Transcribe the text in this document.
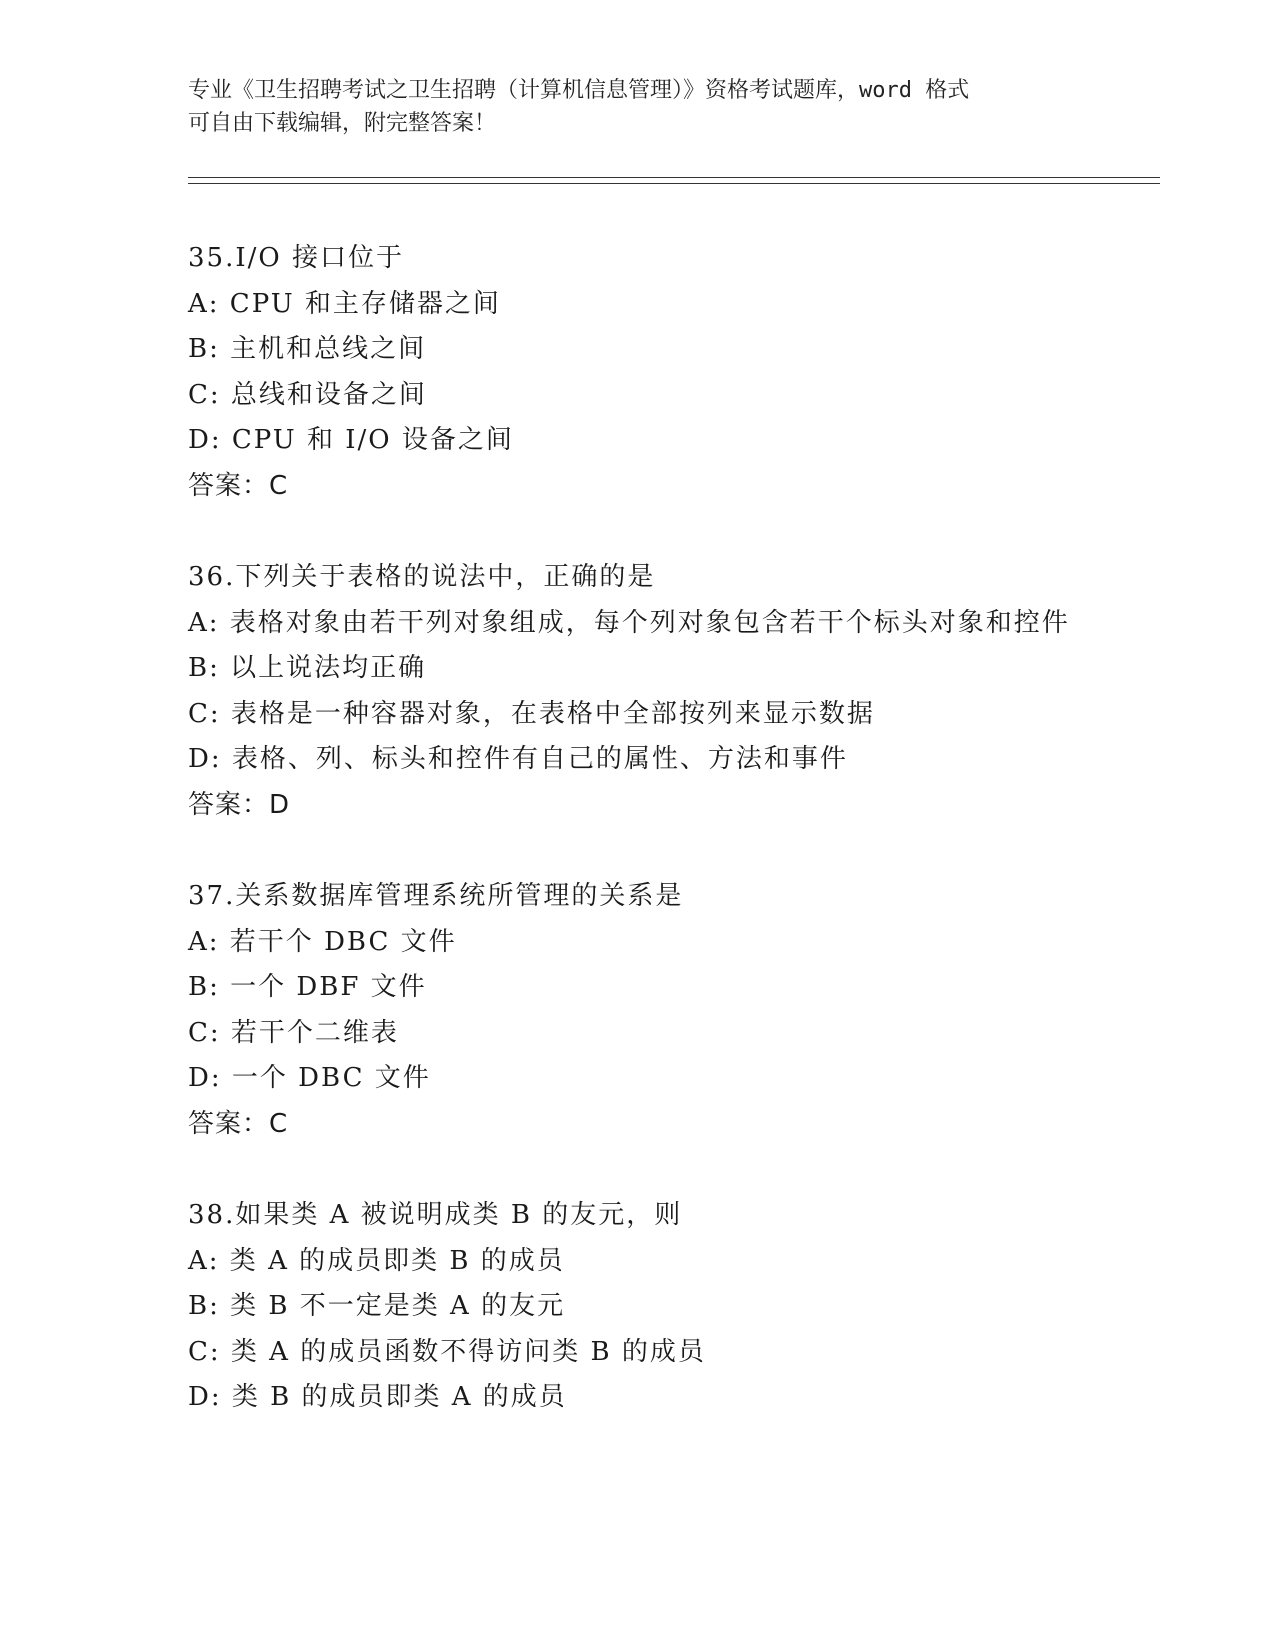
专业《卫生招聘考试之卫生招聘（计算机信息管理）》资格考试题库，word 格式
可自由下载编辑，附完整答案！
35.I/O 接口位于
A: CPU 和主存储器之间
B: 主机和总线之间
C: 总线和设备之间
D: CPU 和 I/O 设备之间
答案：C
36.下列关于表格的说法中，正确的是
A: 表格对象由若干列对象组成，每个列对象包含若干个标头对象和控件
B: 以上说法均正确
C: 表格是一种容器对象，在表格中全部按列来显示数据
D: 表格、列、标头和控件有自己的属性、方法和事件
答案：D
37.关系数据库管理系统所管理的关系是
A: 若干个 DBC 文件
B: 一个 DBF 文件
C: 若干个二维表
D: 一个 DBC 文件
答案：C
38.如果类 A 被说明成类 B 的友元，则
A: 类 A 的成员即类 B 的成员
B: 类 B 不一定是类 A 的友元
C: 类 A 的成员函数不得访问类 B 的成员
D: 类 B 的成员即类 A 的成员
